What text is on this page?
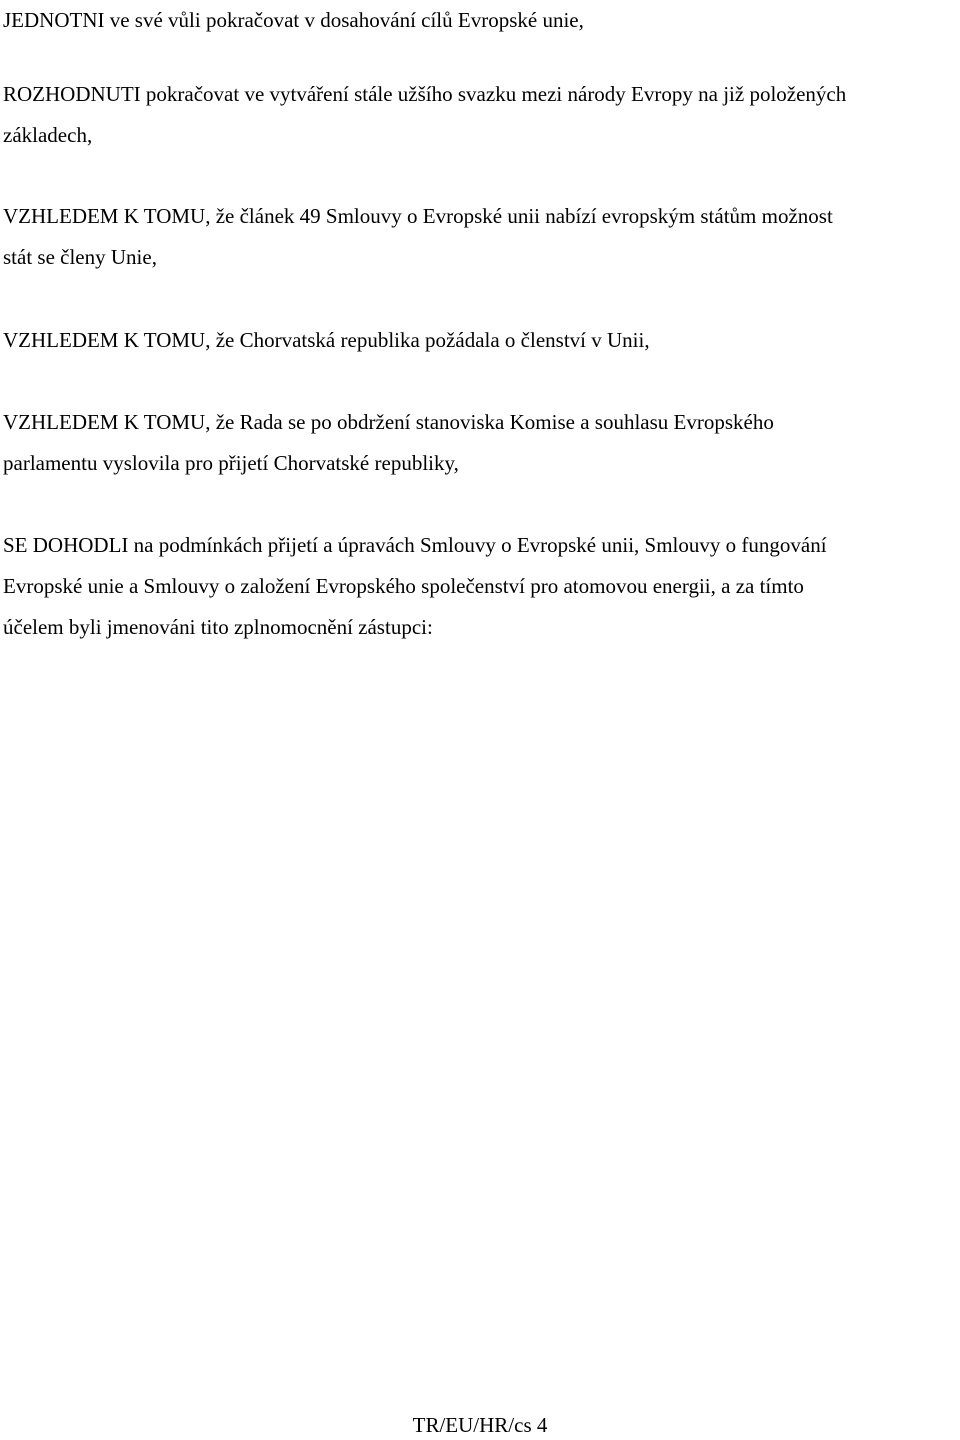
JEDNOTNI ve své vůli pokračovat v dosahování cílů Evropské unie,

ROZHODNUTI pokračovat ve vytváření stále užšího svazku mezi národy Evropy na již položených
základech,

VZHLEDEM K TOMU, že článek 49 Smlouvy o Evropské unii nabízí evropským státům možnost
stát se členy Unie,

VZHLEDEM K TOMU, že Chorvatská republika požádala o členství v Unii,

VZHLEDEM K TOMU, že Rada se po obdržení stanoviska Komise a souhlasu Evropského
parlamentu vyslovila pro přijetí Chorvatské republiky,

SE DOHODLI na podmínkách přijetí a úpravách Smlouvy o Evropské unii, Smlouvy o fungování
Evropské unie a Smlouvy o založení Evropského společenství pro atomovou energii, a za tímto
účelem byli jmenováni tito zplnomocnění zástupci:

TR/EU/HR/cs 4
